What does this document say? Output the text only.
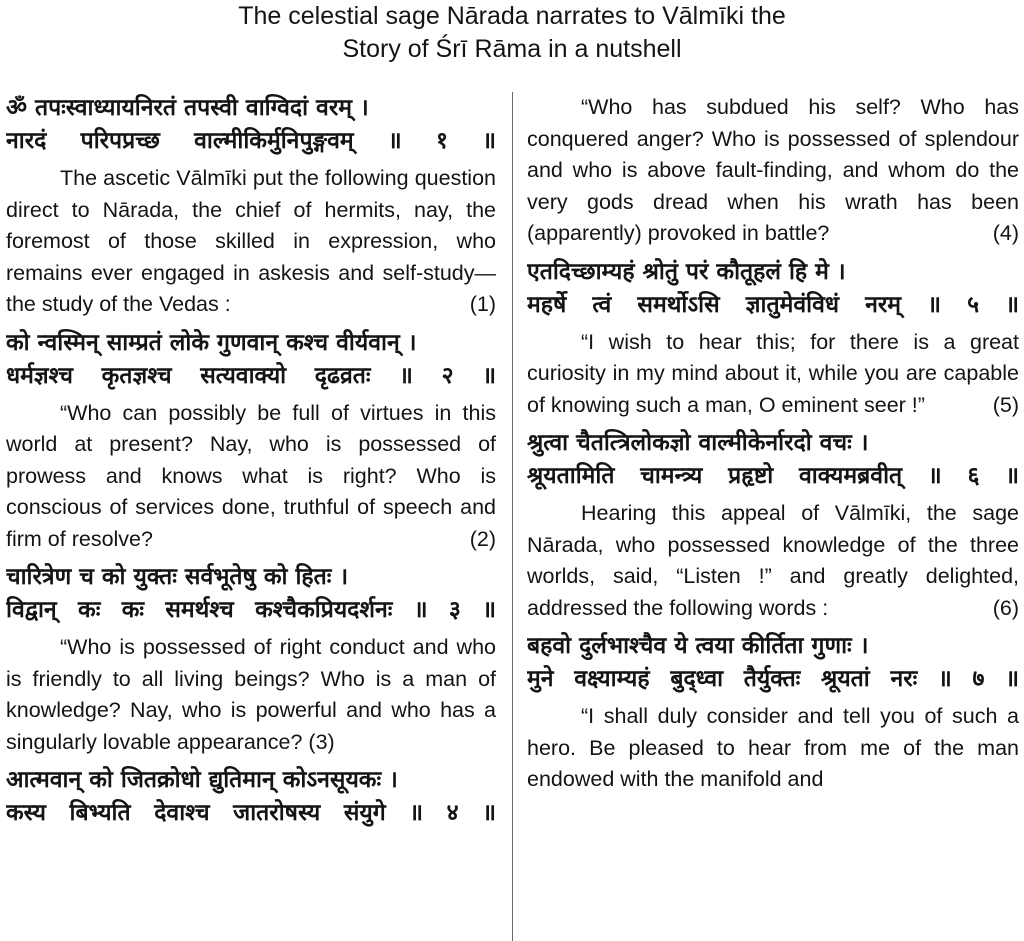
The celestial sage Nārada narrates to Vālmīki the
Story of Śrī Rāma in a nutshell
ॐ तपःस्वाध्यायनिरतं तपस्वी वाग्विदां वरम् ।
नारदं परिपप्रच्छ वाल्मीकिर्मुनिपुङ्गवम् ॥ १ ॥

The ascetic Vālmīki put the following question direct to Nārada, the chief of hermits, nay, the foremost of those skilled in expression, who remains ever engaged in askesis and self-study—the study of the Vedas :	(1)

को न्वस्मिन् साम्प्रतं लोके गुणवान् कश्च वीर्यवान् ।
धर्मज्ञश्च कृतज्ञश्च सत्यवाक्यो दृढव्रतः ॥ २ ॥

“Who can possibly be full of virtues in this world at present? Nay, who is possessed of prowess and knows what is right? Who is conscious of services done, truthful of speech and firm of resolve?	(2)

चारित्रेण च को युक्तः सर्वभूतेषु को हितः ।
विद्वान् कः कः समर्थश्च कश्चैकप्रियदर्शनः ॥ ३ ॥

“Who is possessed of right conduct and who is friendly to all living beings? Who is a man of knowledge? Nay, who is powerful and who has a singularly lovable appearance? (3)

आत्मवान् को जितक्रोधो द्युतिमान् कोऽनसूयकः ।
कस्य बिभ्यति देवाश्च जातरोषस्य संयुगे ॥ ४ ॥

“Who has subdued his self? Who has conquered anger? Who is possessed of splendour and who is above fault-finding, and whom do the very gods dread when his wrath has been (apparently) provoked in battle?	(4)

एतदिच्छाम्यहं श्रोतुं परं कौतूहलं हि मे ।
महर्षे त्वं समर्थोऽसि ज्ञातुमेवंविधं नरम् ॥ ५ ॥

“I wish to hear this; for there is a great curiosity in my mind about it, while you are capable of knowing such a man, O eminent seer !”	(5)

श्रुत्वा चैतत्त्रिलोकज्ञो वाल्मीकेर्नारदो वचः ।
श्रूयतामिति चामन्त्र्य प्रहृष्टो वाक्यमब्रवीत् ॥ ६ ॥

Hearing this appeal of Vālmīki, the sage Nārada, who possessed knowledge of the three worlds, said, “Listen !” and greatly delighted, addressed the following words :	(6)

बहवो दुर्लभाश्चैव ये त्वया कीर्तिता गुणाः ।
मुने वक्ष्याम्यहं बुद्ध्वा तैर्युक्तः श्रूयतां नरः ॥ ७ ॥

“I shall duly consider and tell you of such a hero. Be pleased to hear from me of the man endowed with the manifold and
